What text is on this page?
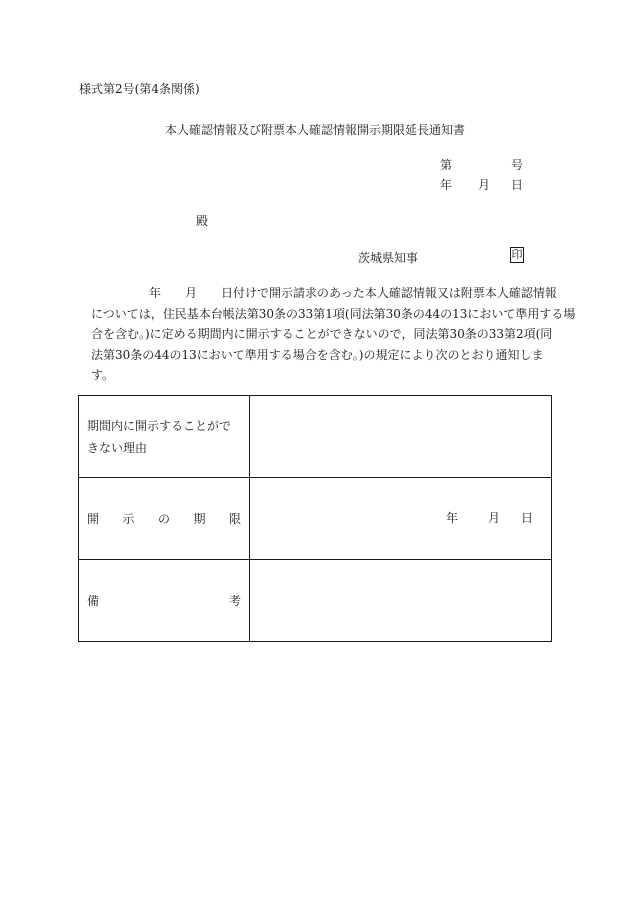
様式第2号(第4条関係)
本人確認情報及び附票本人確認情報開示期限延長通知書
第	号
年 月 日
殿
茨城県知事	印
年　　月　　日付けで開示請求のあった本人確認情報又は附票本人確認情報
については，住民基本台帳法第30条の33第1項(同法第30条の44の13において準用する場
合を含む。)に定める期間内に開示することができないので，同法第30条の33第2項(同
法第30条の44の13において準用する場合を含む。)の規定により次のとおり通知しま
す。
期間内に開示することがで
きない理由	

開 示 の 期 限	年 月 日

備 考	
